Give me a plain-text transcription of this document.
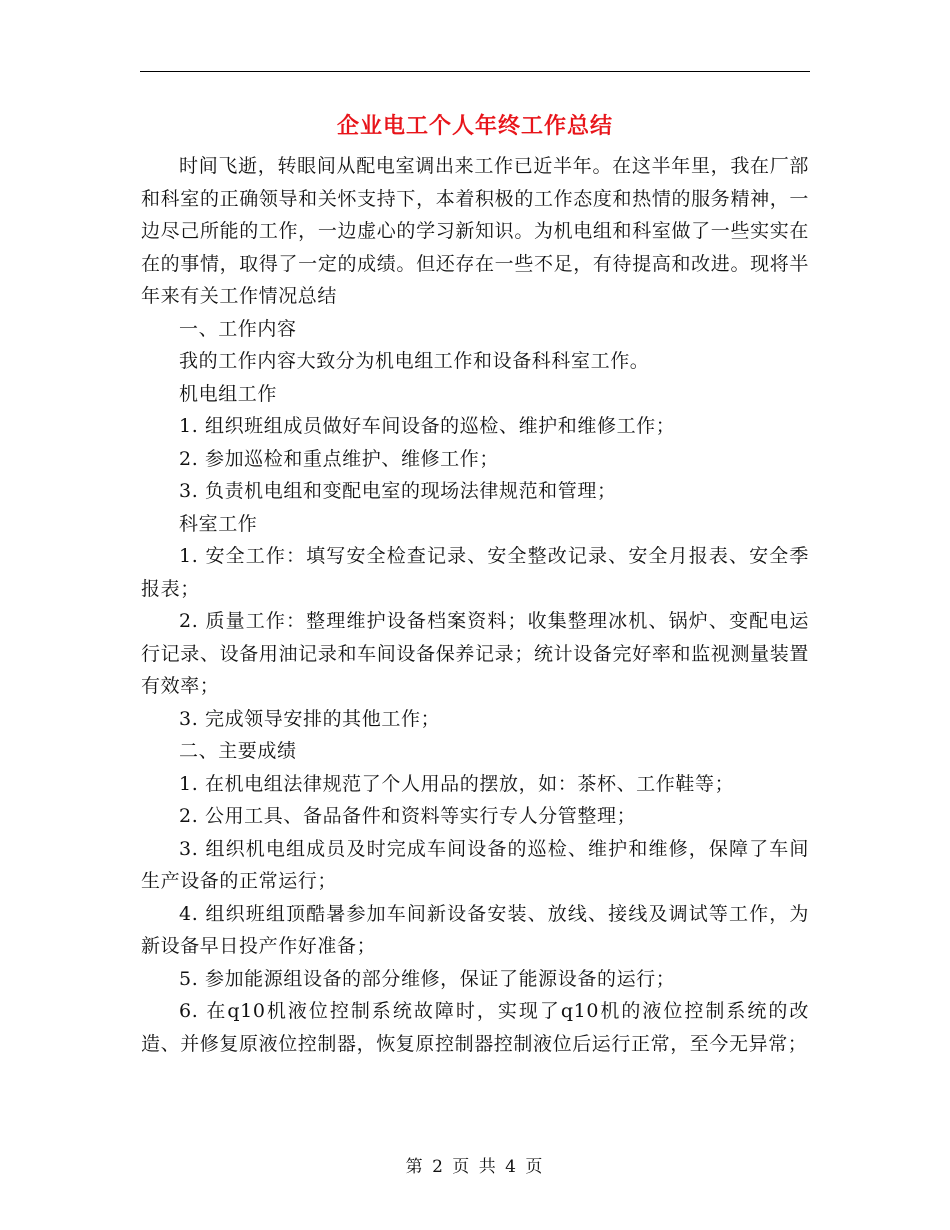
企业电工个人年终工作总结

时间飞逝，转眼间从配电室调出来工作已近半年。在这半年里，我在厂部和科室的正确领导和关怀支持下，本着积极的工作态度和热情的服务精神，一边尽己所能的工作，一边虚心的学习新知识。为机电组和科室做了一些实实在在的事情，取得了一定的成绩。但还存在一些不足，有待提高和改进。现将半年来有关工作情况总结

一、工作内容

我的工作内容大致分为机电组工作和设备科科室工作。

机电组工作

1. 组织班组成员做好车间设备的巡检、维护和维修工作；

2. 参加巡检和重点维护、维修工作；

3. 负责机电组和变配电室的现场法律规范和管理；

科室工作

1. 安全工作：填写安全检查记录、安全整改记录、安全月报表、安全季报表；

2. 质量工作：整理维护设备档案资料；收集整理冰机、锅炉、变配电运行记录、设备用油记录和车间设备保养记录；统计设备完好率和监视测量装置有效率；

3. 完成领导安排的其他工作；

二、主要成绩

1. 在机电组法律规范了个人用品的摆放，如：茶杯、工作鞋等；

2. 公用工具、备品备件和资料等实行专人分管整理；

3. 组织机电组成员及时完成车间设备的巡检、维护和维修，保障了车间生产设备的正常运行；

4. 组织班组顶酷暑参加车间新设备安装、放线、接线及调试等工作，为新设备早日投产作好准备；

5. 参加能源组设备的部分维修，保证了能源设备的运行；

6. 在q10机液位控制系统故障时，实现了q10机的液位控制系统的改造、并修复原液位控制器，恢复原控制器控制液位后运行正常，至今无异常；

第 2 页 共 4 页
